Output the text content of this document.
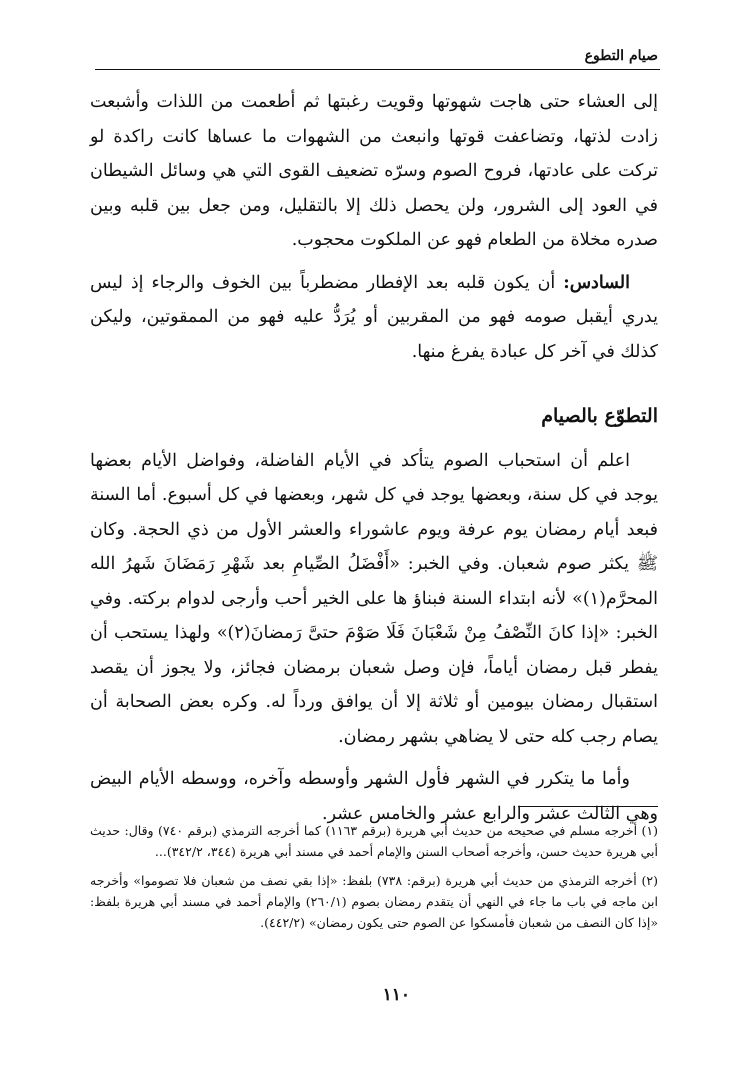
صيام التطوع

إلى العشاء حتى هاجت شهوتها وقويت رغبتها ثم أطعمت من اللذات وأشبعت زادت لذتها، وتضاعفت قوتها وانبعث من الشهوات ما عساها كانت راكدة لو تركت على عادتها، فروح الصوم وسرّه تضعيف القوى التي هي وسائل الشيطان في العود إلى الشرور، ولن يحصل ذلك إلا بالتقليل، ومن جعل بين قلبه وبين صدره مخلاة من الطعام فهو عن الملكوت محجوب.

السادس: أن يكون قلبه بعد الإفطار مضطرباً بين الخوف والرجاء إذ ليس يدري أيقبل صومه فهو من المقربين أو يُرَدُّ عليه فهو من الممقوتين، وليكن كذلك في آخر كل عبادة يفرغ منها.

التطوّع بالصيام

اعلم أن استحباب الصوم يتأكد في الأيام الفاضلة، وفواضل الأيام بعضها يوجد في كل سنة، وبعضها يوجد في كل شهر، وبعضها في كل أسبوع. أما السنة فبعد أيام رمضان يوم عرفة ويوم عاشوراء والعشر الأول من ذي الحجة. وكان ﷺ يكثر صوم شعبان. وفي الخبر: «أَفْضَلُ الصِّيامِ بعد شَهْرِ رَمَضَانَ شَهرُ الله المحرَّم(١)» لأنه ابتداء السنة فبناؤ ها على الخير أحب وأرجى لدوام بركته. وفي الخبر: «إذا كانَ النِّصْفُ مِنْ شَعْبَانَ فَلَا صَوْمَ حتىَّ رَمضانَ(٢)» ولهذا يستحب أن يفطر قبل رمضان أياماً، فإن وصل شعبان برمضان فجائز، ولا يجوز أن يقصد استقبال رمضان بيومين أو ثلاثة إلا أن يوافق ورداً له. وكره بعض الصحابة أن يصام رجب كله حتى لا يضاهي بشهر رمضان.

وأما ما يتكرر في الشهر فأول الشهر وأوسطه وآخره، ووسطه الأيام البيض وهي الثالث عشر والرابع عشر والخامس عشر.

(١) أخرجه مسلم في صحيحه من حديث أبي هريرة (برقم ١١٦٣) كما أخرجه الترمذي (برقم ٧٤٠) وقال: حديث أبي هريرة حديث حسن، وأخرجه أصحاب السنن والإمام أحمد في مسند أبي هريرة (٣٤٤، ٣٤٢/٢)...

(٢) أخرجه الترمذي من حديث أبي هريرة (برقم: ٧٣٨) بلفظ: «إذا بقي نصف من شعبان فلا تصوموا» وأخرجه ابن ماجه في باب ما جاء في النهي أن يتقدم رمضان بصوم (٢٦٠/١) والإمام أحمد في مسند أبي هريرة بلفظ: «إذا كان النصف من شعبان فأمسكوا عن الصوم حتى يكون رمضان» (٤٤٢/٢).

١١٠
